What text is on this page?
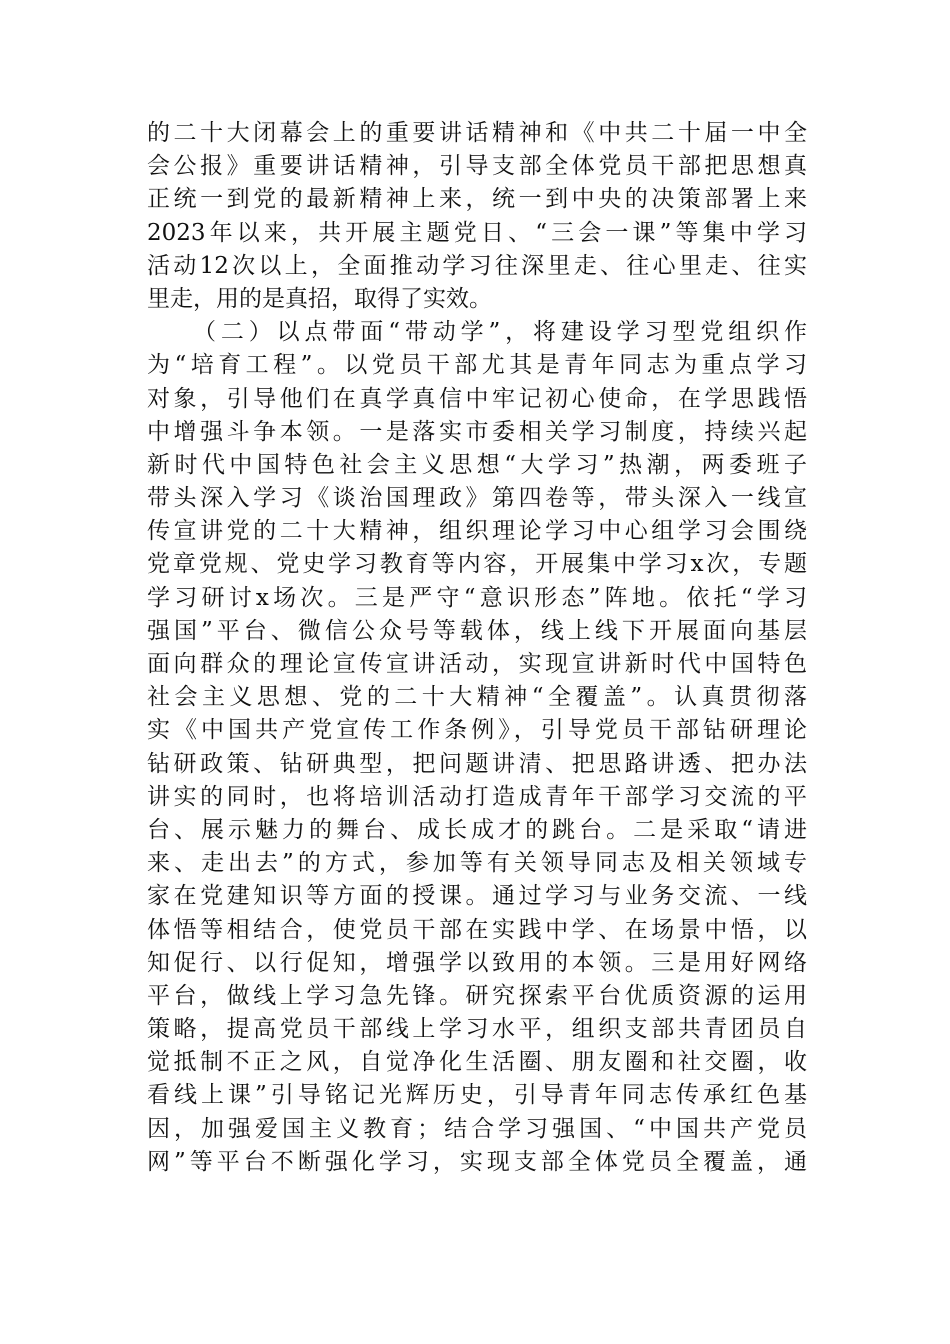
的二十大闭幕会上的重要讲话精神和《中共二十届一中全
会公报》重要讲话精神，引导支部全体党员干部把思想真
正统一到党的最新精神上来，统一到中央的决策部署上来
2023年以来，共开展主题党日、“三会一课”等集中学习
活动12次以上，全面推动学习往深里走、往心里走、往实
里走，用的是真招，取得了实效。
（二）以点带面“带动学”，将建设学习型党组织作
为“培育工程”。以党员干部尤其是青年同志为重点学习
对象，引导他们在真学真信中牢记初心使命，在学思践悟
中增强斗争本领。一是落实市委相关学习制度，持续兴起
新时代中国特色社会主义思想“大学习”热潮，两委班子
带头深入学习《谈治国理政》第四卷等，带头深入一线宣
传宣讲党的二十大精神，组织理论学习中心组学习会围绕
党章党规、党史学习教育等内容，开展集中学习x次，专题
学习研讨x场次。三是严守“意识形态”阵地。依托“学习
强国”平台、微信公众号等载体，线上线下开展面向基层
面向群众的理论宣传宣讲活动，实现宣讲新时代中国特色
社会主义思想、党的二十大精神“全覆盖”。认真贯彻落
实《中国共产党宣传工作条例》，引导党员干部钻研理论
钻研政策、钻研典型，把问题讲清、把思路讲透、把办法
讲实的同时，也将培训活动打造成青年干部学习交流的平
台、展示魅力的舞台、成长成才的跳台。二是采取“请进
来、走出去”的方式，参加等有关领导同志及相关领域专
家在党建知识等方面的授课。通过学习与业务交流、一线
体悟等相结合，使党员干部在实践中学、在场景中悟，以
知促行、以行促知，增强学以致用的本领。三是用好网络
平台，做线上学习急先锋。研究探索平台优质资源的运用
策略，提高党员干部线上学习水平，组织支部共青团员自
觉抵制不正之风，自觉净化生活圈、朋友圈和社交圈，收
看线上课”引导铭记光辉历史，引导青年同志传承红色基
因，加强爱国主义教育；结合学习强国、“中国共产党员
网”等平台不断强化学习，实现支部全体党员全覆盖，通
